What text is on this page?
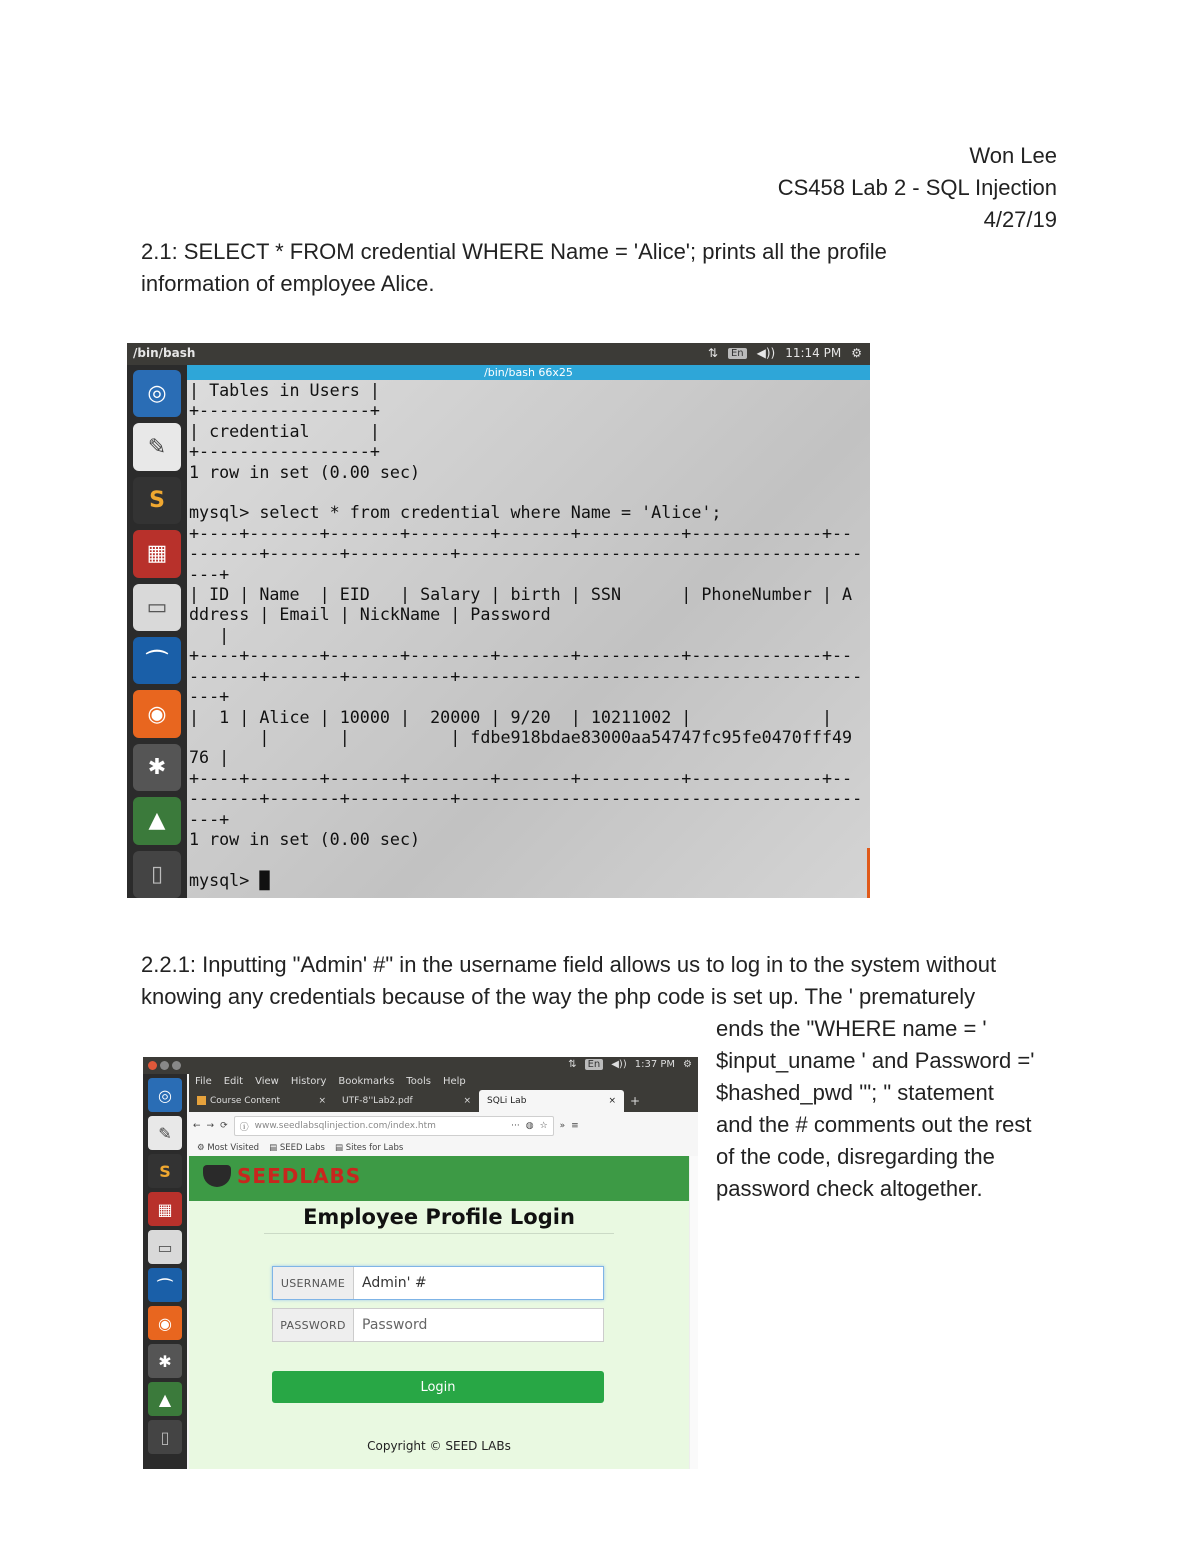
Won Lee
CS458 Lab 2 - SQL Injection
4/27/19
2.1: SELECT * FROM credential WHERE Name = 'Alice'; prints all the profile
information of employee Alice.
/bin/bash	⇅	En ◀)) 11:14 PM ⚙
◎
✎
S
▦
▭
⌒
◉
✱
▲
▯
/bin/bash 66x25
| Tables in Users |
+-----------------+
| credential      |
+-----------------+
1 row in set (0.00 sec)

mysql> select * from credential where Name = 'Alice';
+----+-------+-------+--------+-------+----------+-------------+--
-------+-------+----------+----------------------------------------
---+
| ID | Name  | EID   | Salary | birth | SSN      | PhoneNumber | A
ddress | Email | NickName | Password
|
+----+-------+-------+--------+-------+----------+-------------+--
-------+-------+----------+----------------------------------------
---+
|  1 | Alice | 10000 |  20000 | 9/20  | 10211002 |             |
|       |          | fdbe918bdae83000aa54747fc95fe0470fff49
76 |
+----+-------+-------+--------+-------+----------+-------------+--
-------+-------+----------+----------------------------------------
---+
1 row in set (0.00 sec)

mysql> █
2.2.1: Inputting "Admin' #" in the username field allows us to log in to the system without
knowing any credentials because of the way the php code is set up. The ' prematurely
ends the "WHERE name = '
$input_uname ' and Password ='
$hashed_pwd '"; " statement
and the # comments out the rest
of the code, disregarding the
password check altogether.
⇅	En	◀)) 1:37 PM ⚙
◎
✎
S
▦
▭
⌒
◉
✱
▲
▯
File Edit View History Bookmarks Tools Help
Course Content	× UTF-8''Lab2.pdf	× SQLi Lab	×	+
← → ⟳ ⓘ www.seedlabsqlinjection.com/index.htm	··· ◍ ☆ » ≡
⚙ Most Visited ▤ SEED Labs ▤ Sites for Labs
SEEDLABS
Employee Profile Login
USERNAME	Admin' #
PASSWORD	Password
Login
Copyright © SEED LABs
